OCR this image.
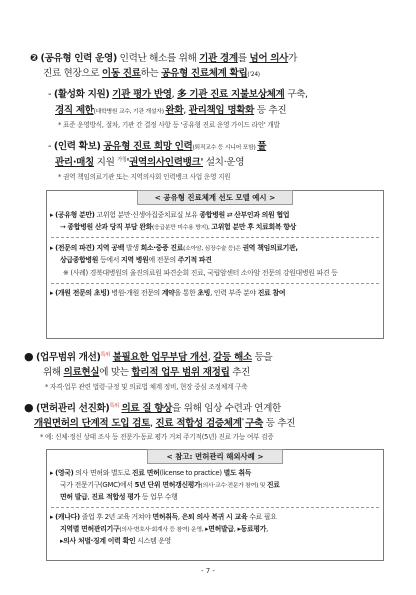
❷ (공유형 인력 운영) 인력난 해소를 위해 기관 경계를 넘어 의사가
진료 현장으로 이동 진료하는 공유형 진료체계 확립('24)
- (활성화 지원) 기관 평가 반영, 多 기관 진료 지불보상체계 구축,
경직 제한(대학병원 교수, 기관 개설자) 완화, 관리책임 명확화 등 추진
* 표준 운영방식, 절차, 기관 간 결정 사항 등 '공유형 진료 운영 가이드 라인' 개발
- (인력 확보) 공유형 진료 희망 인력(퇴직교수 등 시니어 포함) 풀
관리·매칭 지원 $^{가칭}$'권역의사인력뱅크' 설치·운영
* 권역 책임의료기관 또는 지역의사회 인력뱅크 사업 운영 지원
< 공유형 진료체계 선도 모델 예시 >
▸ (공유형 분만) 고위험 분만·신생아집중치료실 보유 종합병원 ⇄ 산부인과 의원 협업
→ 종합병원 산과 당직 부담 완화(응급분만 미수용 방지), 고위험 분만 후 치료회복 향상
▸ (전문의 파견) 지역 공백 발생 희소·중증 진료(소아암, 심장수술 등)은 권역 책임의료기관,
상급종합병원 등에서 지역 병원에 전문의 주기적 파견
※ (사례) 경북대병원의 울진의료원 파견순회 진료, 국립암센터 소아암 전문의 강원대병원 파견 등
▸ (개원 전문의 초빙) 병원-개원 전문의 계약을 통한 초빙, 인력 부족 분야 진료 참여
● (업무범위 개선)$^{특위}$ 불필요한 업무부담 개선, 갈등 해소 등을
위해 의료현실에 맞는 합리적 업무 범위 재정립 추진
* 자격·업무 관련 법령·규정 및 의료법 체계 정비, 현장 중심 조정체계 구축
● (면허관리 선진화)$^{특위}$ 의료 질 향상을 위해 임상 수련과 연계한
개원면허의 단계적 도입 검토, 진료 적합성 검증체계* 구축 등 추진
* 예: 신체·정신 상태 조사 등 전문가·동료 평가 거쳐 주기적(5년) 진료 가능 여부 검증
< 참고: 면허관리 해외사례 >
▸ (영국) 의사 면허와 별도로 진료 면허(license to practice) 별도 취득
국가 전문기구(GMC)에서 5년 단위 면허갱신평가(의사·교수·전문가 참여) 및 진료
면허 발급, 진료 적합성 평가 등 업무 수행
▸ (캐나다) 졸업 후 2년 교육 거쳐야 면허취득, 은퇴 의사 복귀 시 교육 수료 필요
지역별 면허관리기구(의사·변호사·회계사 등 참여) 운영, ▸면허발급, ▸동료평가,
▸의사 처벌·징계 이력 확인 시스템 운영
- 7 -
